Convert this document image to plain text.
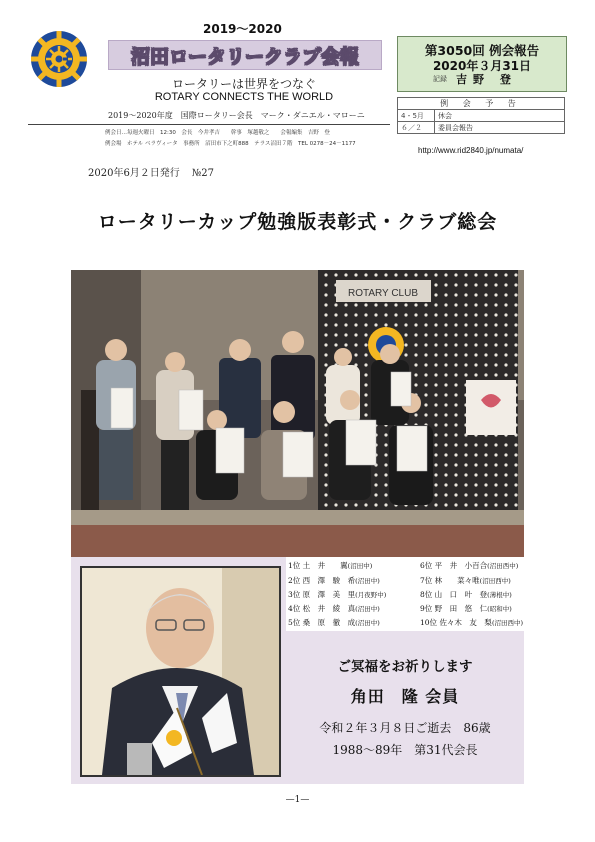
2019～2020
沼田ロータリークラブ会報
ロータリーは世界をつなぐ
ROTARY CONNECTS THE WORLD
2019～2020年度　国際ロータリー会長　マーク・ダニエル・マローニ
例会日…毎週火曜日　12:30　会長　今井孝吉　　幹事　塚越敬之　　会報編集　吉野　登
例会場　ホテル ベラヴィータ　事務所　沼田市下之町888　テラス沼田７階　TEL 0278－24－1177
第3050回 例会報告
2020年３月31日
記録 吉野 登
例 会 予 告	
4・5月	休会
６／２	委員会報告
http://www.rid2840.jp/numata/
2020年6月２日発行 №27
ロータリーカップ勉強版表彰式・クラブ総会
ROTARY CLUB
1位 土　井　　翼(沼田中)
2位 西　澤　駿　希(沼田中)
3位 原　澤　美　里(月夜野中)
4位 松　井　綾　真(沼田中)
5位 桑　原　徹　成(沼田中)
6位 平　井　小百合(沼田西中)
7位 林　　菜々唯(沼田西中)
8位 山　口　叶　登(薄根中)
9位 野　田　悠　仁(昭和中)
10位 佐々木　友　梨(沼田西中)
ご冥福をお祈りします
角田　隆 会員
令和２年３月８日ご逝去　86歳
1988～89年　第31代会長
—1—
